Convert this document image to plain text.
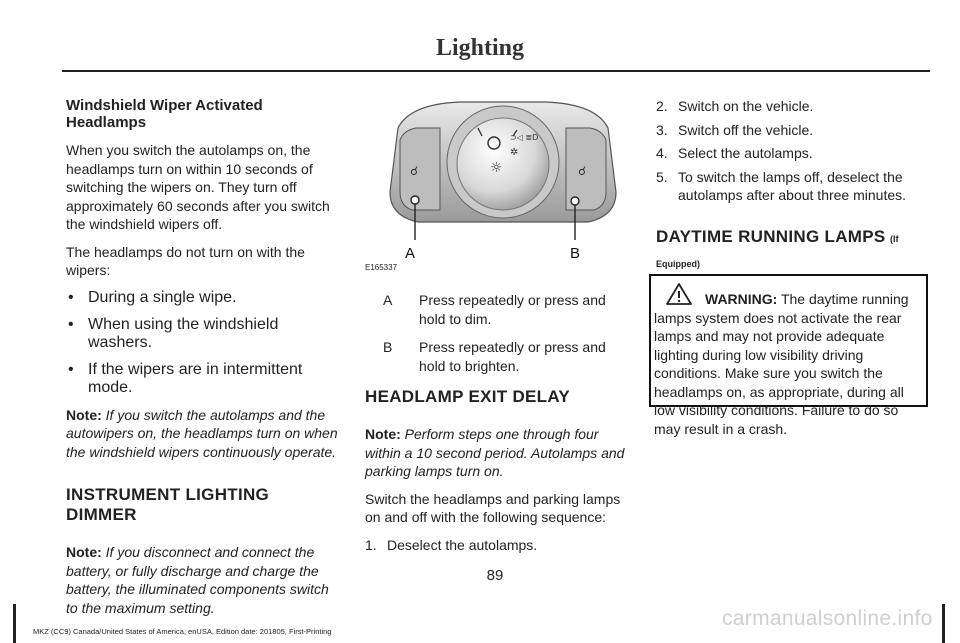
Lighting
Windshield Wiper Activated Headlamps

When you switch the autolamps on, the headlamps turn on within 10 seconds of switching the wipers on. They turn off approximately 60 seconds after you switch the windshield wipers off.

The headlamps do not turn on with the wipers:

• During a single wipe.
• When using the windshield washers.
• If the wipers are in intermittent mode.

Note: If you switch the autolamps and the autowipers on, the headlamps turn on when the windshield wipers continuously operate.

INSTRUMENT LIGHTING DIMMER

Note: If you disconnect and connect the battery, or fully discharge and charge the battery, the illuminated components switch to the maximum setting.

⊃◁ ≣D
☼
✲
☌	☌
A	B
E165337
A Press repeatedly or press and hold to dim.
B Press repeatedly or press and hold to brighten.
HEADLAMP EXIT DELAY

Note: Perform steps one through four within a 10 second period. Autolamps and parking lamps turn on.

Switch the headlamps and parking lamps on and off with the following sequence:

1. Deselect the autolamps.
2. Switch on the vehicle.
3. Switch off the vehicle.
4. Select the autolamps.
5. To switch the lamps off, deselect the autolamps after about three minutes.
DAYTIME RUNNING LAMPS (If
Equipped)

WARNING: The daytime running lamps system does not activate the rear lamps and may not provide adequate lighting during low visibility driving conditions. Make sure you switch the headlamps on, as appropriate, during all low visibility conditions. Failure to do so may result in a crash.

89
MKZ (CC9) Canada/United States of America, enUSA, Edition date: 201805, First-Printing
carmanualsonline.info
